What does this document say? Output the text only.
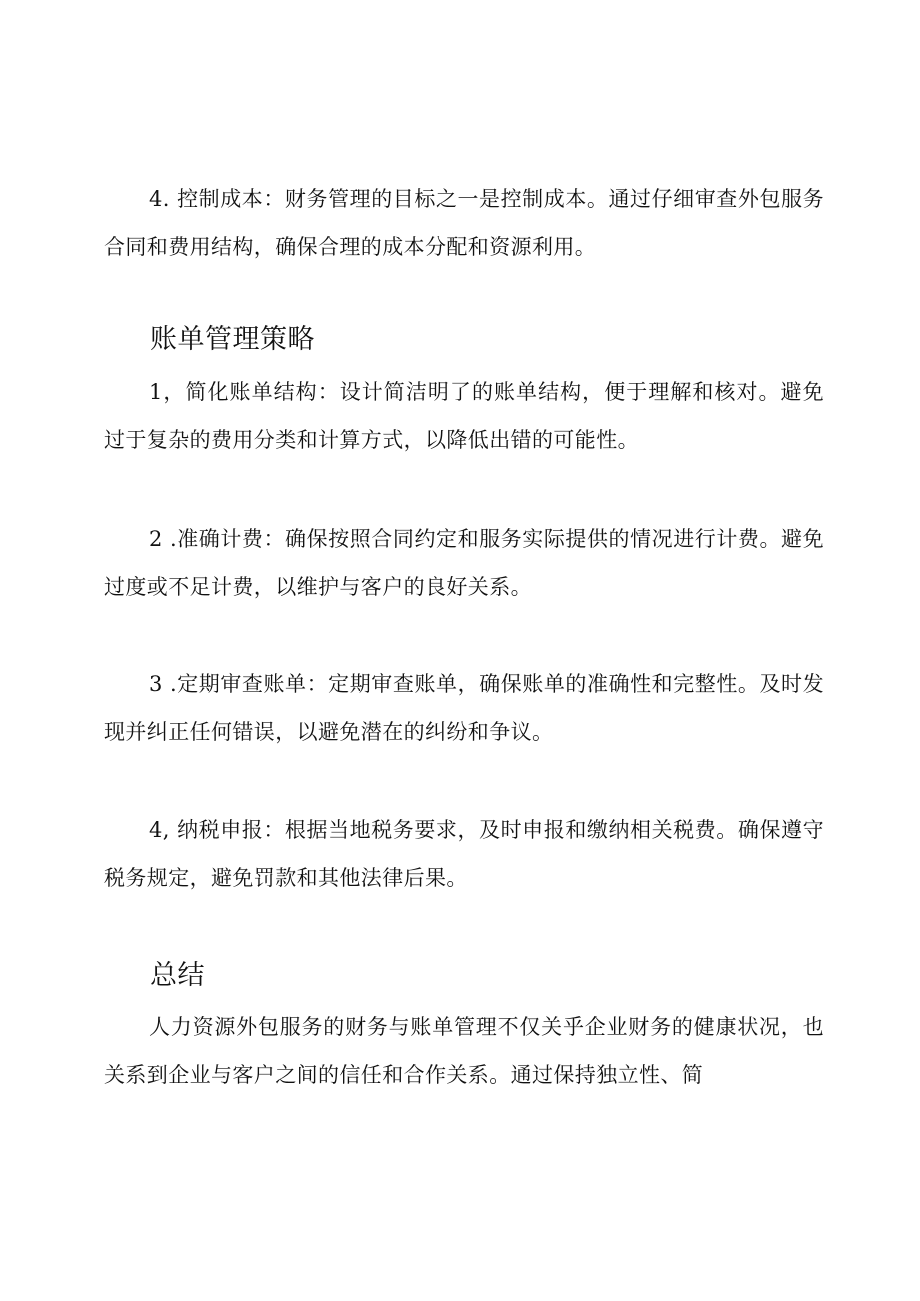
4. 控制成本：财务管理的目标之一是控制成本。通过仔细审查外包服务合同和费用结构，确保合理的成本分配和资源利用。

账单管理策略

1，简化账单结构：设计简洁明了的账单结构，便于理解和核对。避免过于复杂的费用分类和计算方式，以降低出错的可能性。

2 .准确计费：确保按照合同约定和服务实际提供的情况进行计费。避免过度或不足计费，以维护与客户的良好关系。

3 .定期审查账单：定期审查账单，确保账单的准确性和完整性。及时发现并纠正任何错误，以避免潜在的纠纷和争议。

4, 纳税申报：根据当地税务要求，及时申报和缴纳相关税费。确保遵守税务规定，避免罚款和其他法律后果。

总结

人力资源外包服务的财务与账单管理不仅关乎企业财务的健康状况，也关系到企业与客户之间的信任和合作关系。通过保持独立性、简
